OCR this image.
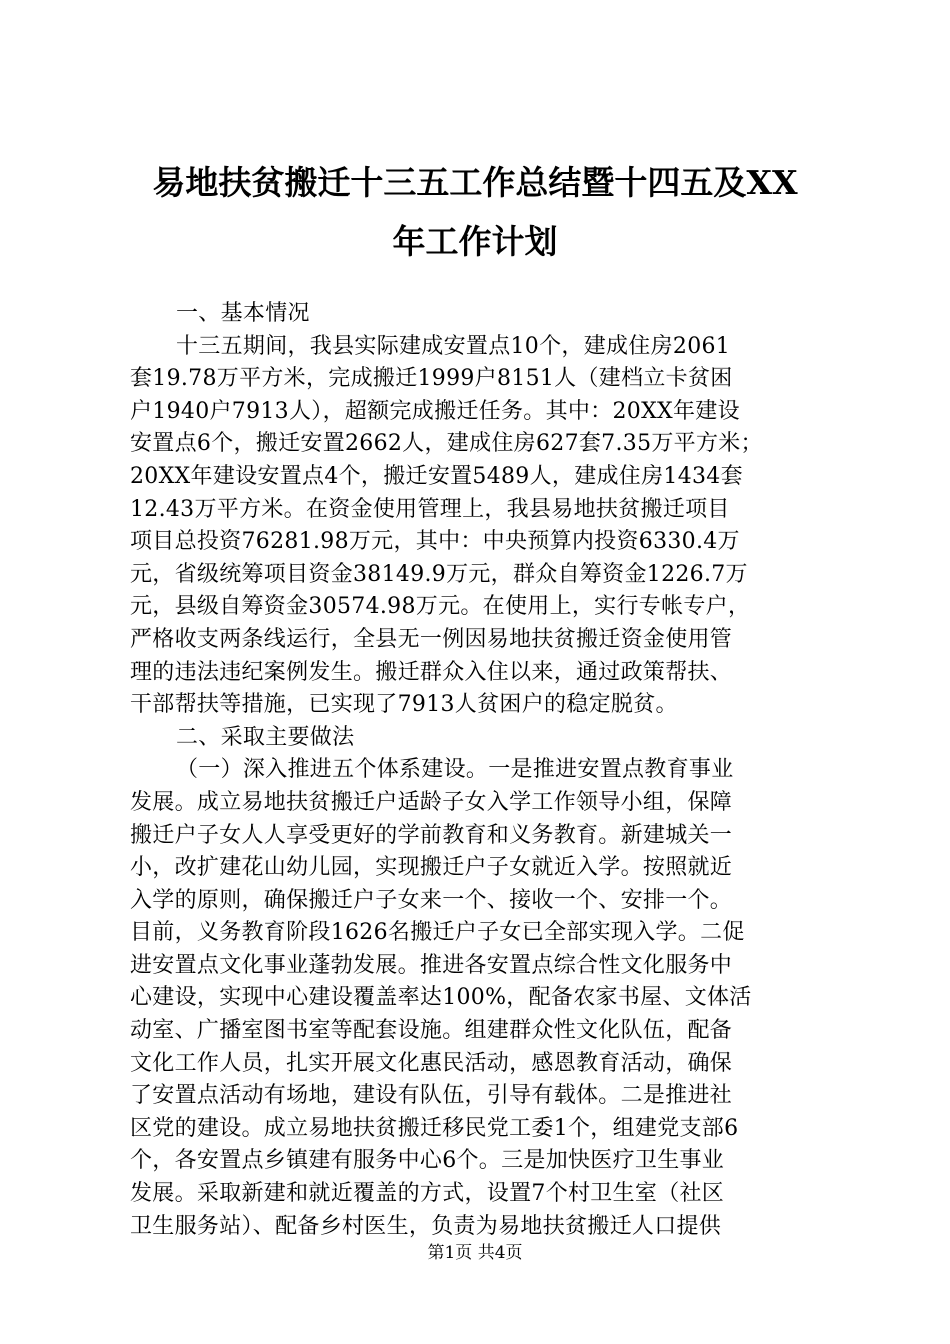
易地扶贫搬迁十三五工作总结暨十四五及XX
年工作计划
一、基本情况
十三五期间，我县实际建成安置点10个，建成住房2061
套19.78万平方米，完成搬迁1999户8151人（建档立卡贫困
户1940户7913人），超额完成搬迁任务。其中：20XX年建设
安置点6个，搬迁安置2662人，建成住房627套7.35万平方米；
20XX年建设安置点4个，搬迁安置5489人，建成住房1434套
12.43万平方米。在资金使用管理上，我县易地扶贫搬迁项目
项目总投资76281.98万元，其中：中央预算内投资6330.4万
元，省级统筹项目资金38149.9万元，群众自筹资金1226.7万
元，县级自筹资金30574.98万元。在使用上，实行专帐专户，
严格收支两条线运行，全县无一例因易地扶贫搬迁资金使用管
理的违法违纪案例发生。搬迁群众入住以来，通过政策帮扶、
干部帮扶等措施，已实现了7913人贫困户的稳定脱贫。
二、采取主要做法
（一）深入推进五个体系建设。一是推进安置点教育事业
发展。成立易地扶贫搬迁户适龄子女入学工作领导小组，保障
搬迁户子女人人享受更好的学前教育和义务教育。新建城关一
小，改扩建花山幼儿园，实现搬迁户子女就近入学。按照就近
入学的原则，确保搬迁户子女来一个、接收一个、安排一个。
目前，义务教育阶段1626名搬迁户子女已全部实现入学。二促
进安置点文化事业蓬勃发展。推进各安置点综合性文化服务中
心建设，实现中心建设覆盖率达100%，配备农家书屋、文体活
动室、广播室图书室等配套设施。组建群众性文化队伍，配备
文化工作人员，扎实开展文化惠民活动，感恩教育活动，确保
了安置点活动有场地，建设有队伍，引导有载体。二是推进社
区党的建设。成立易地扶贫搬迁移民党工委1个，组建党支部6
个，各安置点乡镇建有服务中心6个。三是加快医疗卫生事业
发展。采取新建和就近覆盖的方式，设置7个村卫生室（社区
卫生服务站）、配备乡村医生，负责为易地扶贫搬迁人口提供
第1页 共4页
